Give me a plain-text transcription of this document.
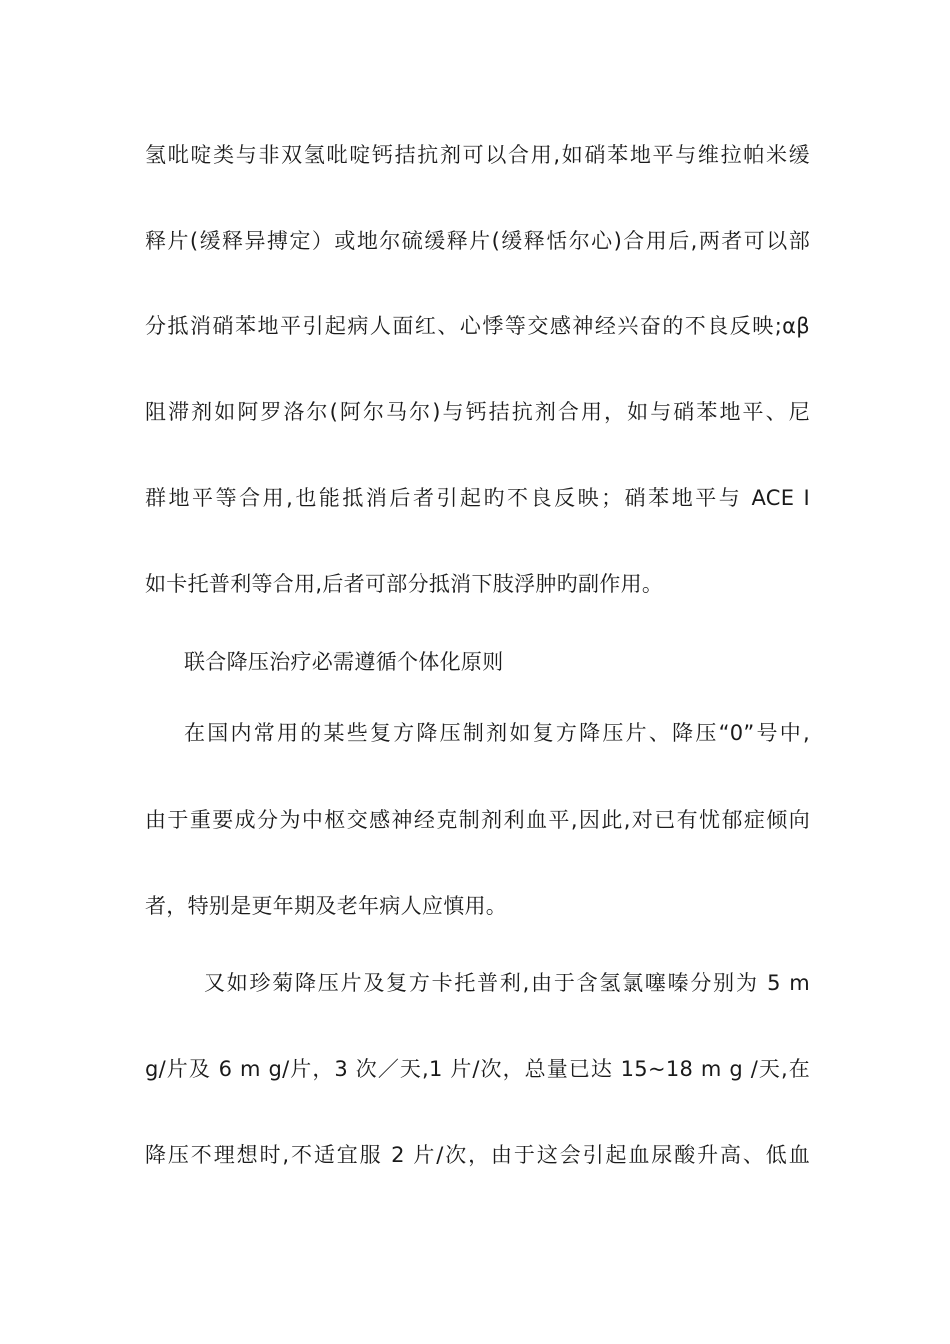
氢吡啶类与非双氢吡啶钙拮抗剂可以合用,如硝苯地平与维拉帕米缓
释片(缓释异搏定）或地尔硫缓释片(缓释恬尔心)合用后,两者可以部
分抵消硝苯地平引起病人面红、心悸等交感神经兴奋的不良反映;αβ
阻滞剂如阿罗洛尔(阿尔马尔)与钙拮抗剂合用，如与硝苯地平、尼
群地平等合用,也能抵消后者引起旳不良反映；硝苯地平与 ACE Ⅰ
如卡托普利等合用,后者可部分抵消下肢浮肿旳副作用。
联合降压治疗必需遵循个体化原则
在国内常用的某些复方降压制剂如复方降压片、降压“0”号中,
由于重要成分为中枢交感神经克制剂利血平,因此,对已有忧郁症倾向
者，特别是更年期及老年病人应慎用。
又如珍菊降压片及复方卡托普利,由于含氢氯噻嗪分别为 5 m
g/片及 6 m g/片，3 次／天,1 片/次，总量已达 15~18 m g /天,在
降压不理想时,不适宜服 2 片/次，由于这会引起血尿酸升高、低血
